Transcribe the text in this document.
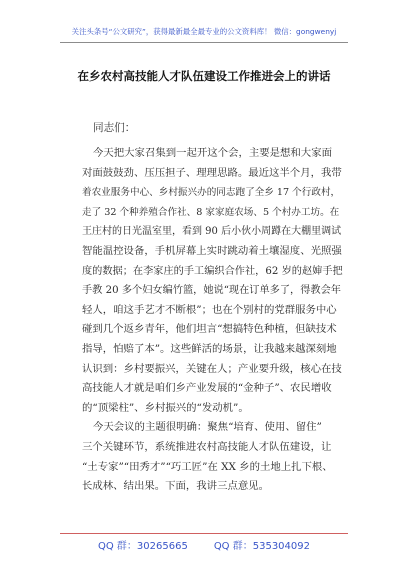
关注头条号“公文研究”，获得最新最全最专业的公文资料库！ 微信：gongwenyj
在乡农村高技能人才队伍建设工作推进会上的讲话
同志们：
今天把大家召集到一起开这个会，主要是想和大家面
对面鼓鼓劲、压压担子、理理思路。最近这半个月，我带
着农业服务中心、乡村振兴办的同志跑了全乡 17 个行政村，
走了 32 个种养殖合作社、8 家家庭农场、5 个村办工坊。在
王庄村的日光温室里，看到 90 后小伙小周蹲在大棚里调试
智能温控设备，手机屏幕上实时跳动着土壤湿度、光照强
度的数据；在李家庄的手工编织合作社，62 岁的赵婶手把
手教 20 多个妇女编竹篮，她说“现在订单多了，得教会年
轻人，咱这手艺才不断根”；也在个别村的党群服务中心
碰到几个返乡青年，他们坦言“想搞特色种植，但缺技术
指导，怕赔了本”。这些鲜活的场景，让我越来越深刻地
认识到：乡村要振兴，关键在人；产业要升级，核心在技
高技能人才就是咱们乡产业发展的“金种子”、农民增收
的“顶梁柱”、乡村振兴的“发动机”。
今天会议的主题很明确：聚焦“培育、使用、留住”
三个关键环节，系统推进农村高技能人才队伍建设，让
“土专家”“田秀才”“巧工匠”在 XX 乡的土地上扎下根、
长成林、结出果。下面，我讲三点意见。
QQ 群：30265665	QQ 群：535304092
